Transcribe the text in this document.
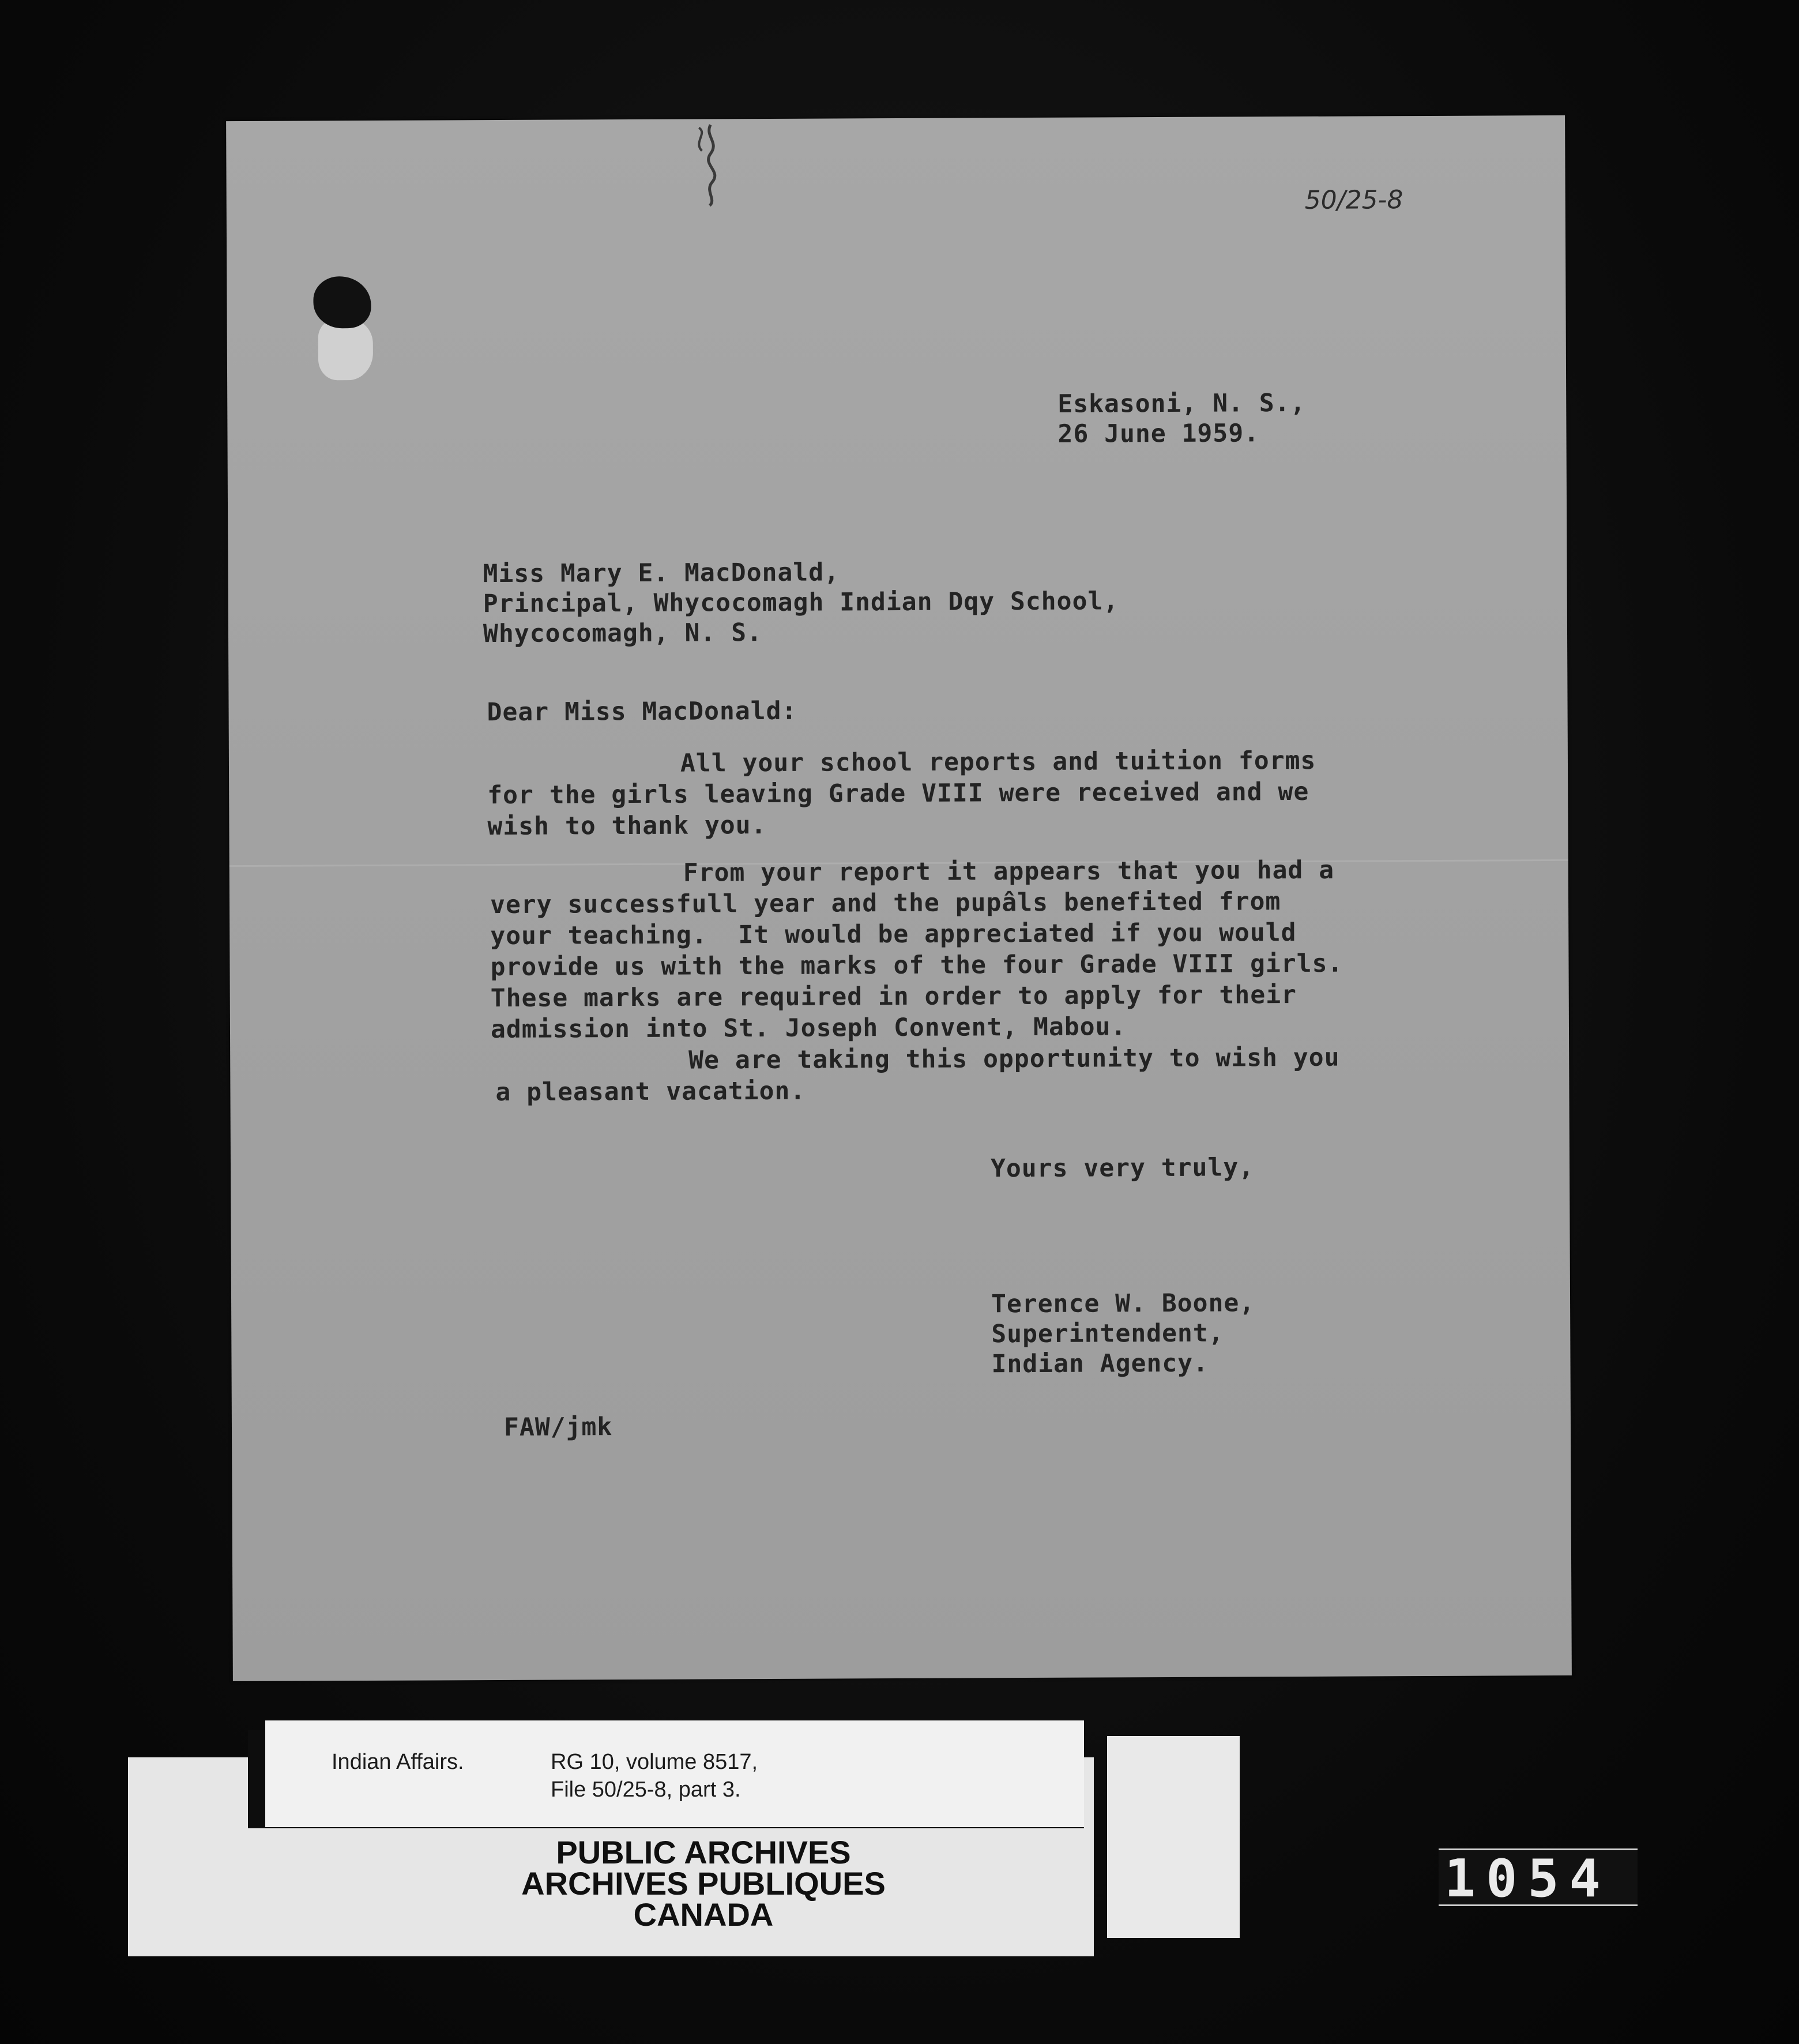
50/25-8
Eskasoni, N. S.,
26 June 1959.
Miss Mary E. MacDonald,
Principal, Whycocomagh Indian Dqy School,
Whycocomagh, N. S.
Dear Miss MacDonald:
All your school reports and tuition forms
for the girls leaving Grade VIII were received and we
wish to thank you.
From your report it appears that you had a
very successfull year and the pupâls benefited from
your teaching.  It would be appreciated if you would
provide us with the marks of the four Grade VIII girls.
These marks are required in order to apply for their
admission into St. Joseph Convent, Mabou.
We are taking this opportunity to wish you
a pleasant vacation.
Yours very truly,
Terence W. Boone,
Superintendent,
Indian Agency.
FAW/jmk
Indian Affairs.	RG 10, volume 8517,
File 50/25-8, part 3.
PUBLIC ARCHIVES
ARCHIVES PUBLIQUES
CANADA
1054
